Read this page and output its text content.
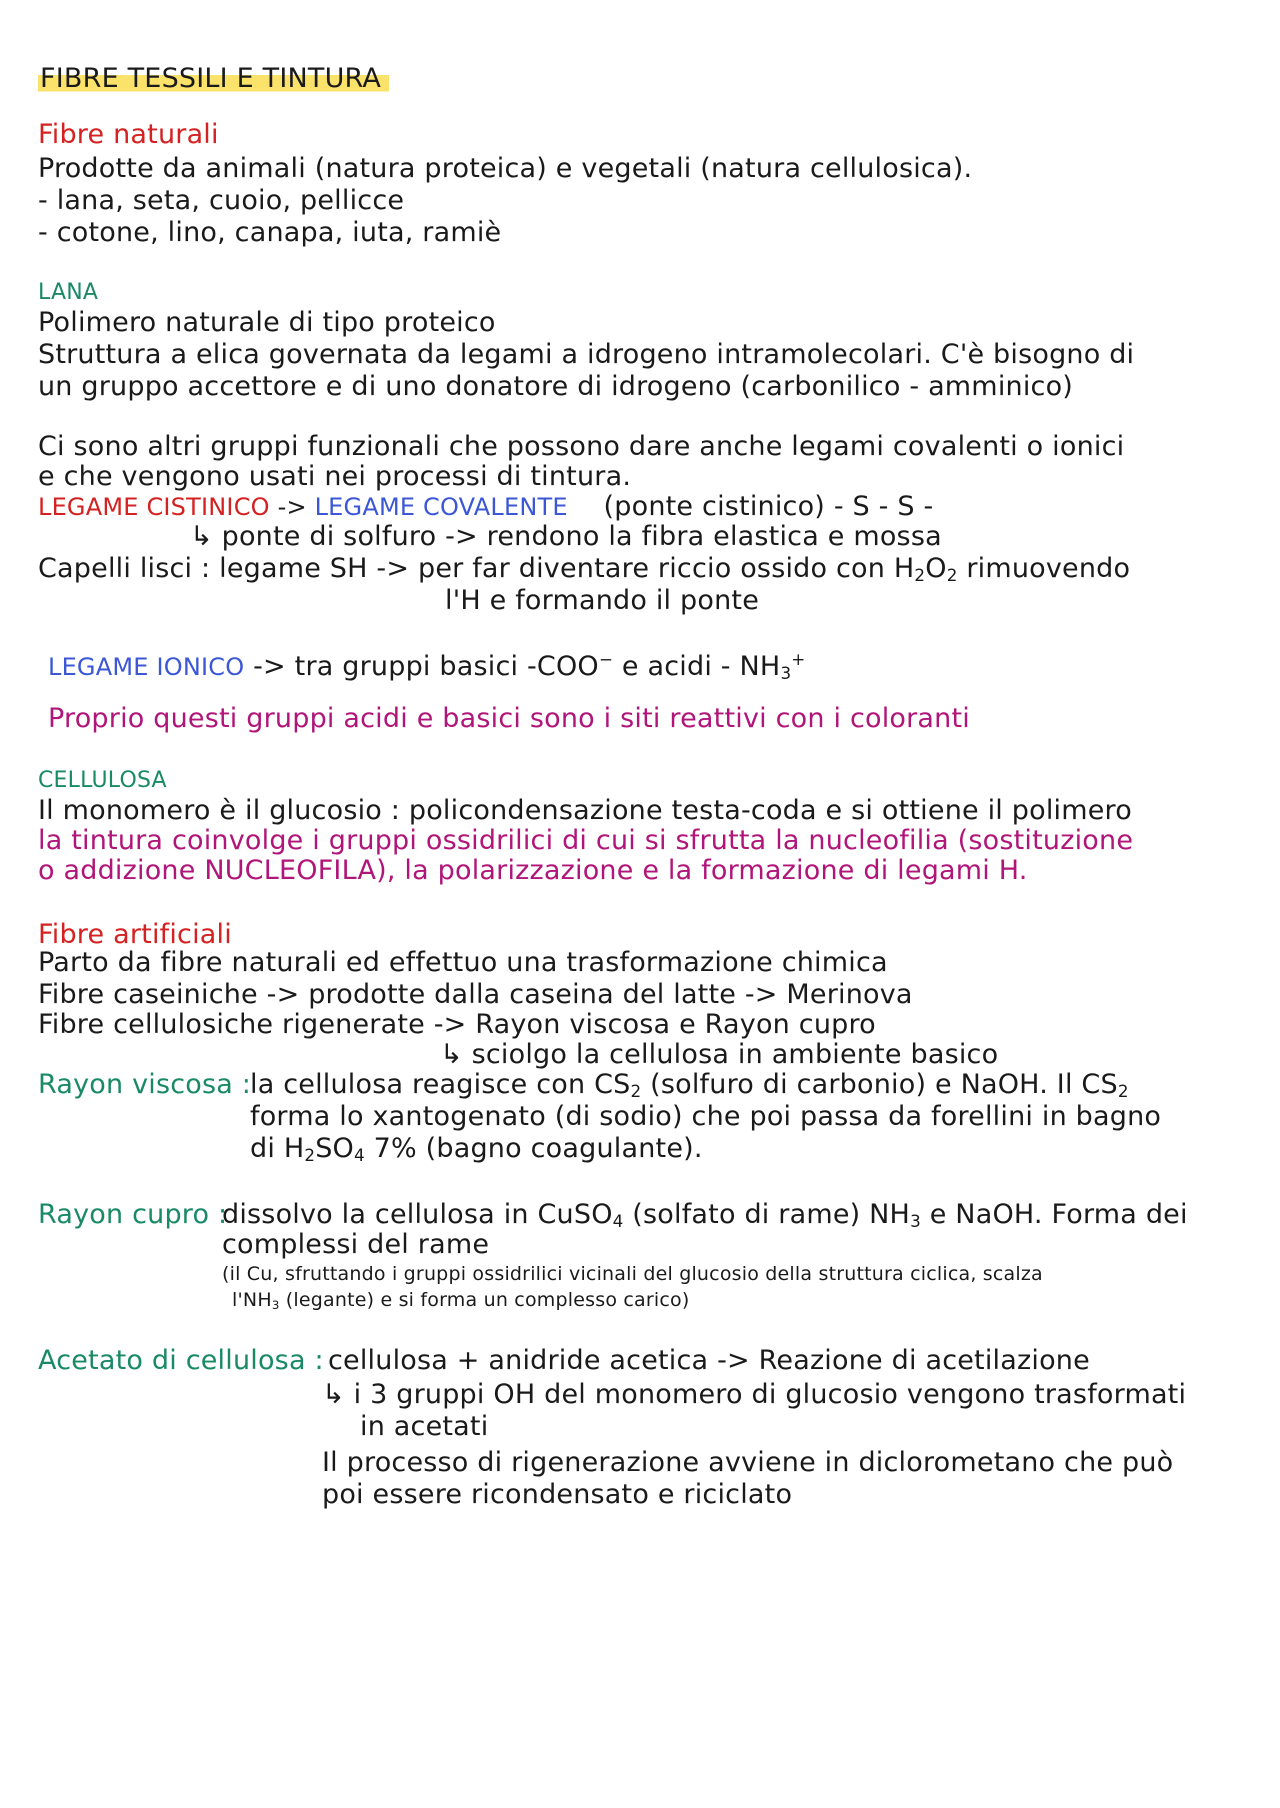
FIBRE TESSILI E TINTURA
Fibre naturali
Prodotte da animali (natura proteica) e vegetali (natura cellulosica).
- lana, seta, cuoio, pellicce
- cotone, lino, canapa, iuta, ramiè
LANA
Polimero naturale di tipo proteico
Struttura a elica governata da legami a idrogeno intramolecolari. C'è bisogno di
un gruppo accettore e di uno donatore di idrogeno (carbonilico - amminico)
Ci sono altri gruppi funzionali che possono dare anche legami covalenti o ionici
e che vengono usati nei processi di tintura.
LEGAME CISTINICO -> LEGAME COVALENTE (ponte cistinico) - S - S -
↳ ponte di solfuro -> rendono la fibra elastica e mossa
Capelli lisci : legame SH -> per far diventare riccio ossido con $H_2O_2$ rimuovendo
l'H e formando il ponte
LEGAME IONICO -> tra gruppi basici -COO− e acidi - $NH_3^+$
Proprio questi gruppi acidi e basici sono i siti reattivi con i coloranti
CELLULOSA
Il monomero è il glucosio : policondensazione testa-coda e si ottiene il polimero
la tintura coinvolge i gruppi ossidrilici di cui si sfrutta la nucleofilia (sostituzione
o addizione NUCLEOFILA), la polarizzazione e la formazione di legami H.
Fibre artificiali
Parto da fibre naturali ed effettuo una trasformazione chimica
Fibre caseiniche -> prodotte dalla caseina del latte -> Merinova
Fibre cellulosiche rigenerate -> Rayon viscosa e Rayon cupro
↳ sciolgo la cellulosa in ambiente basico
Rayon viscosa :
la cellulosa reagisce con $CS_2$ (solfuro di carbonio) e NaOH. Il $CS_2$
forma lo xantogenato (di sodio) che poi passa da forellini in bagno
di $H_2SO_4$ 7% (bagno coagulante).
Rayon cupro :
dissolvo la cellulosa in CuSO$_4$ (solfato di rame) $NH_3$ e NaOH. Forma dei
complessi del rame
(il Cu, sfruttando i gruppi ossidrilici vicinali del glucosio della struttura ciclica, scalza
$l'NH_3$ (legante) e si forma un complesso carico)
Acetato di cellulosa : cellulosa + anidride acetica -> Reazione di acetilazione
↳ i 3 gruppi OH del monomero di glucosio vengono trasformati
in acetati
Il processo di rigenerazione avviene in diclorometano che può
poi essere ricondensato e riciclato
